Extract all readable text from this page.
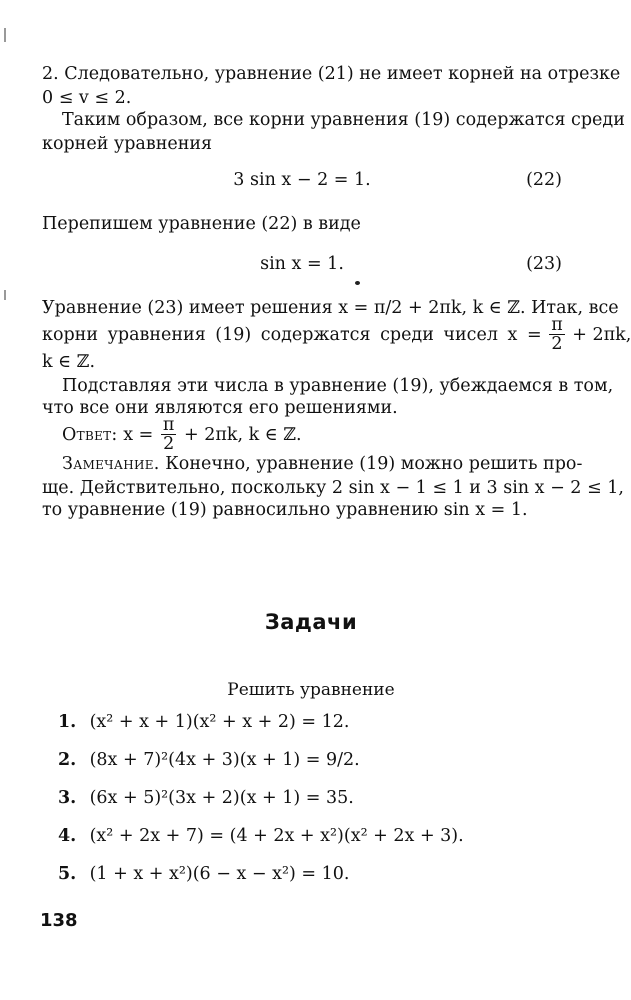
2. Следовательно, уравнение (21) не имеет корней на отрезке
0 ≤ v ≤ 2.
Таким образом, все корни уравнения (19) содержатся среди
корней уравнения
3 sin x − 2 = 1.	(22)
Перепишем уравнение (22) в виде
sin x = 1.	(23)
Уравнение (23) имеет решения x = π/2 + 2πk, k ∈ ℤ. Итак, все
корни уравнения (19) содержатся среди чисел $x = \frac{\pi}{2} + 2\pi k$,
k ∈ ℤ.
Подставляя эти числа в уравнение (19), убеждаемся в том,
что все они являются его решениями.
Ответ: $x = \frac{\pi}{2} + 2\pi k$, k ∈ ℤ.
Замечание. Конечно, уравнение (19) можно решить про-
ще. Действительно, поскольку 2 sin x − 1 ≤ 1 и 3 sin x − 2 ≤ 1,
то уравнение (19) равносильно уравнению sin x = 1.
Задачи
Решить уравнение
1. (x² + x + 1)(x² + x + 2) = 12.
2. (8x + 7)²(4x + 3)(x + 1) = 9/2.
3. (6x + 5)²(3x + 2)(x + 1) = 35.
4. (x² + 2x + 7) = (4 + 2x + x²)(x² + 2x + 3).
5. (1 + x + x²)(6 − x − x²) = 10.
138
